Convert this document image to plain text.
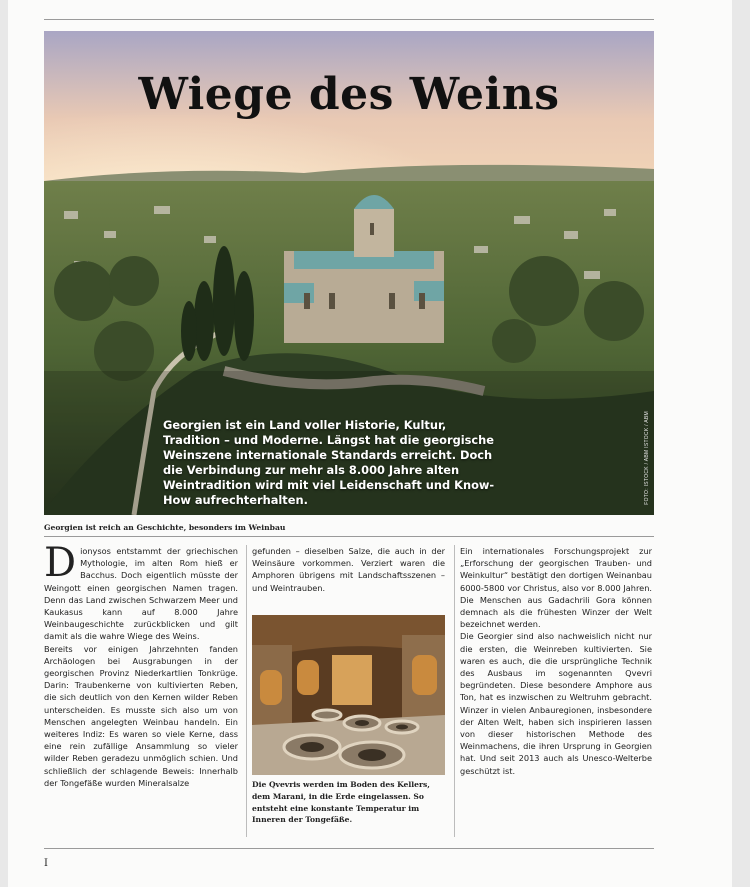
Wiege des Weins
Georgien ist ein Land voller Historie, Kultur, Tradition – und Moderne. Längst hat die georgische Weinszene internationale Standards erreicht. Doch die Verbindung zur mehr als 8.000 Jahre alten Weintradition wird mit viel Leidenschaft und Know-How aufrechterhalten.	FOTO: ISTOCK / ABM ISTOCK / ABM
Georgien ist reich an Geschichte, besonders im Weinbau
D ionysos entstammt der griechischen Mythologie, im alten Rom hieß er Bacchus. Doch eigentlich müsste der Weingott einen georgischen Namen tragen. Denn das Land zwischen Schwarzem Meer und Kaukasus kann auf 8.000 Jahre Weinbaugeschichte zurückblicken und gilt damit als die wahre Wiege des Weins.

Bereits vor einigen Jahrzehnten fanden Archäologen bei Ausgrabungen in der georgischen Provinz Niederkartlien Tonkrüge. Darin: Traubenkerne von kultivierten Reben, die sich deutlich von den Kernen wilder Reben unterscheiden. Es musste sich also um von Menschen angelegten Weinbau handeln. Ein weiteres Indiz: Es waren so viele Kerne, dass eine rein zufällige Ansammlung so vieler wilder Reben geradezu unmöglich schien. Und schließlich der schlagende Beweis: Innerhalb der Tongefäße wurden Mineralsalze

gefunden – dieselben Salze, die auch in der Weinsäure vorkommen. Verziert waren die Amphoren übrigens mit Landschaftsszenen – und Weintrauben.

Die Qvevris werden im Boden des Kellers, dem Marani, in die Erde eingelassen. So entsteht eine konstante Temperatur im Inneren der Tongefäße.

Ein internationales Forschungsprojekt zur „Erforschung der georgischen Trauben- und Weinkultur“ bestätigt den dortigen Weinanbau 6000-5800 vor Christus, also vor 8.000 Jahren. Die Menschen aus Gadachrili Gora können demnach als die frühesten Winzer der Welt bezeichnet werden.

Die Georgier sind also nachweislich nicht nur die ersten, die Weinreben kultivierten. Sie waren es auch, die die ursprüngliche Technik des Ausbaus im sogenannten Qvevri begründeten. Diese besondere Amphore aus Ton, hat es inzwischen zu Weltruhm gebracht. Winzer in vielen Anbauregionen, insbesondere der Alten Welt, haben sich inspirieren lassen von dieser historischen Methode des Weinmachens, die ihren Ursprung in Georgien hat. Und seit 2013 auch als Unesco-Welterbe geschützt ist.

I
